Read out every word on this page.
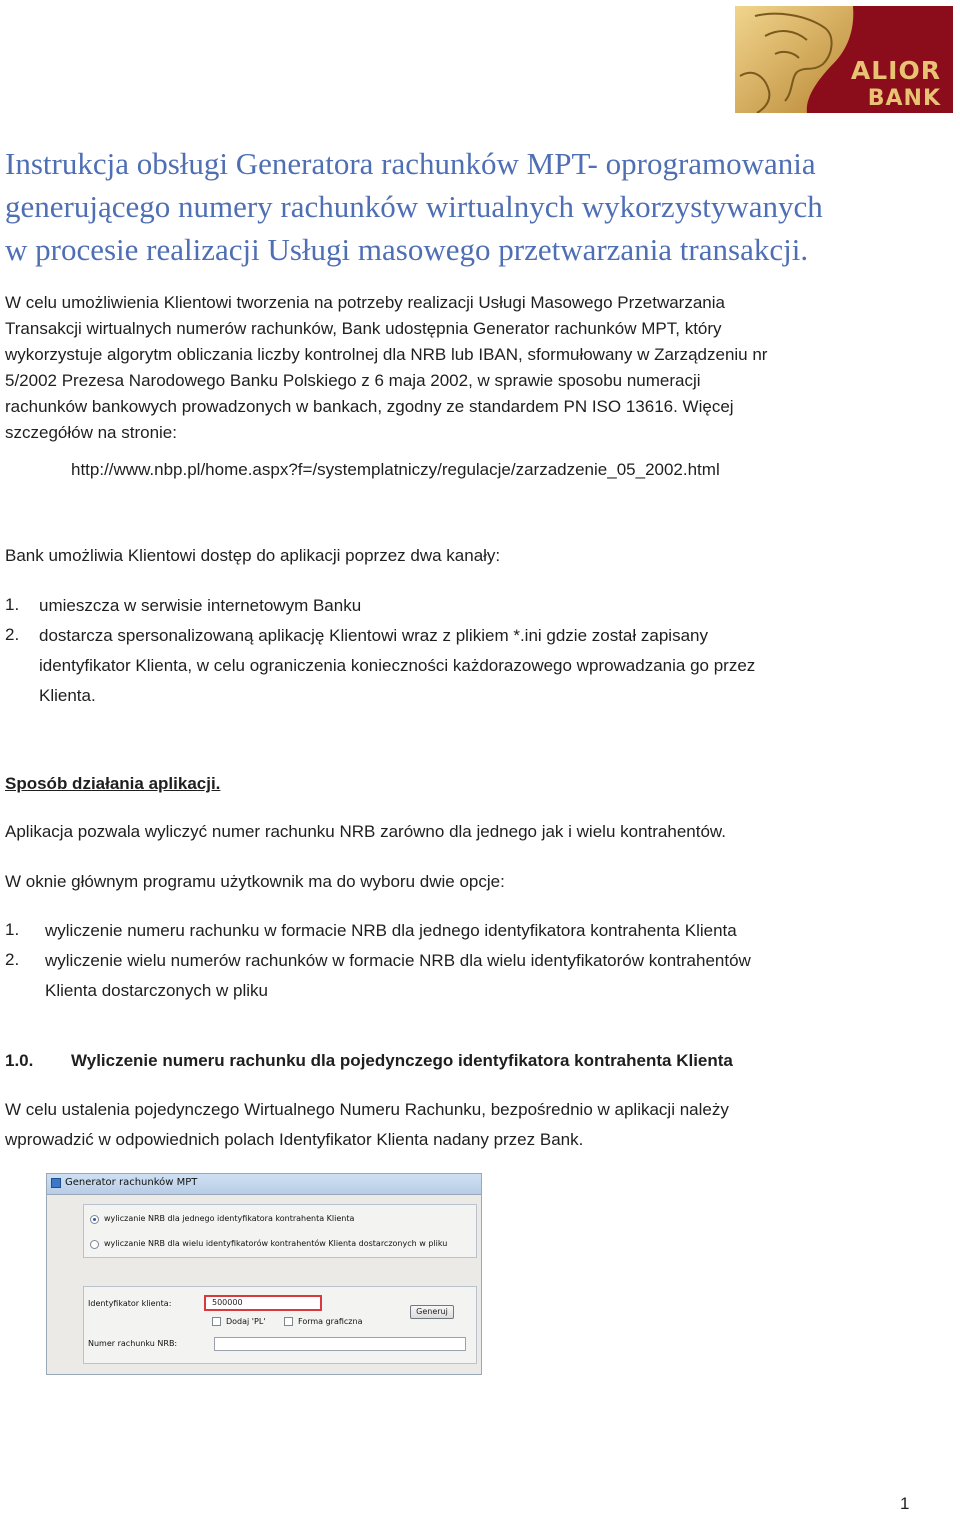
ALIOR
BANK
Instrukcja obsługi Generatora rachunków MPT- oprogramowania
generującego numery rachunków wirtualnych wykorzystywanych
w procesie realizacji Usługi masowego przetwarzania transakcji.
W celu umożliwienia Klientowi tworzenia na potrzeby realizacji Usługi Masowego Przetwarzania
Transakcji wirtualnych numerów rachunków, Bank udostępnia Generator rachunków MPT, który
wykorzystuje algorytm obliczania liczby kontrolnej dla NRB lub IBAN, sformułowany w Zarządzeniu nr
5/2002 Prezesa Narodowego Banku Polskiego z 6 maja 2002, w sprawie sposobu numeracji
rachunków bankowych prowadzonych w bankach, zgodny ze standardem PN ISO 13616. Więcej
szczegółów na stronie:
http://www.nbp.pl/home.aspx?f=/systemplatniczy/regulacje/zarzadzenie_05_2002.html
Bank umożliwia Klientowi dostęp do aplikacji poprzez dwa kanały:
1. umieszcza w serwisie internetowym Banku
2. dostarcza spersonalizowaną aplikację Klientowi wraz z plikiem *.ini gdzie został zapisany
identyfikator Klienta, w celu ograniczenia konieczności każdorazowego wprowadzania go przez
Klienta.
Sposób działania aplikacji.
Aplikacja pozwala wyliczyć numer rachunku NRB zarówno dla jednego jak i wielu kontrahentów.
W oknie głównym programu użytkownik ma do wyboru dwie opcje:
1. wyliczenie numeru rachunku w formacie NRB dla jednego identyfikatora kontrahenta Klienta
2. wyliczenie wielu numerów rachunków w formacie NRB dla wielu identyfikatorów kontrahentów
Klienta dostarczonych w pliku
1.0. Wyliczenie numeru rachunku dla pojedynczego identyfikatora kontrahenta Klienta
W celu ustalenia pojedynczego Wirtualnego Numeru Rachunku, bezpośrednio w aplikacji należy
wprowadzić w odpowiednich polach Identyfikator Klienta nadany przez Bank.
Generator rachunków MPT
wyliczanie NRB dla jednego identyfikatora kontrahenta Klienta
wyliczanie NRB dla wielu identyfikatorów kontrahentów Klienta dostarczonych w pliku
Identyfikator klienta:	500000
Dodaj 'PL'	Forma graficzna
Generuj
Numer rachunku NRB:
1
